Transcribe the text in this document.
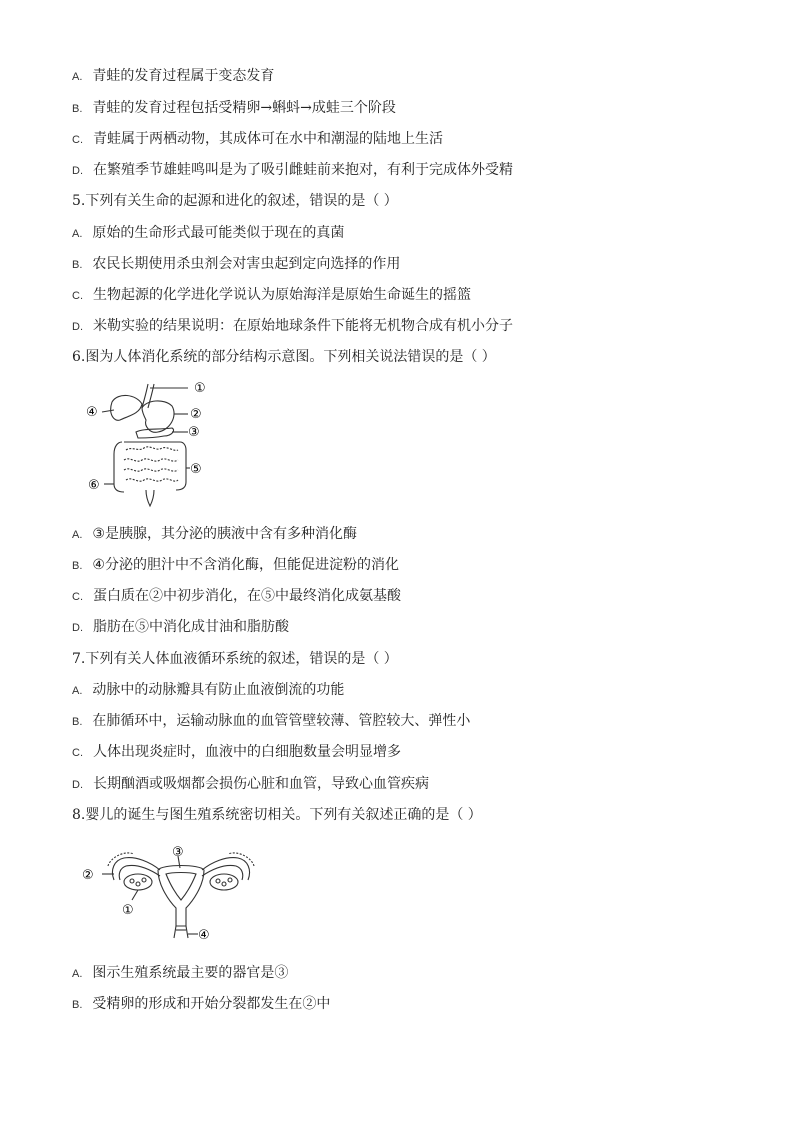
A. 青蛙的发育过程属于变态发育
B. 青蛙的发育过程包括受精卵→蝌蚪→成蛙三个阶段
C. 青蛙属于两栖动物，其成体可在水中和潮湿的陆地上生活
D. 在繁殖季节雄蛙鸣叫是为了吸引雌蛙前来抱对，有利于完成体外受精
5.下列有关生命的起源和进化的叙述，错误的是（ ）
A. 原始的生命形式最可能类似于现在的真菌
B. 农民长期使用杀虫剂会对害虫起到定向选择的作用
C. 生物起源的化学进化学说认为原始海洋是原始生命诞生的摇篮
D. 米勒实验的结果说明：在原始地球条件下能将无机物合成有机小分子
6.图为人体消化系统的部分结构示意图。下列相关说法错误的是（ ）
①
②
③
④
⑤
⑥
A. ③是胰腺，其分泌的胰液中含有多种消化酶
B. ④分泌的胆汁中不含消化酶，但能促进淀粉的消化
C. 蛋白质在②中初步消化，在⑤中最终消化成氨基酸
D. 脂肪在⑤中消化成甘油和脂肪酸
7.下列有关人体血液循环系统的叙述，错误的是（ ）
A. 动脉中的动脉瓣具有防止血液倒流的功能
B. 在肺循环中，运输动脉血的血管管壁较薄、管腔较大、弹性小
C. 人体出现炎症时，血液中的白细胞数量会明显增多
D. 长期酗酒或吸烟都会损伤心脏和血管，导致心血管疾病
8.婴儿的诞生与图生殖系统密切相关。下列有关叙述正确的是（ ）
②
③
①
④
A. 图示生殖系统最主要的器官是③
B. 受精卵的形成和开始分裂都发生在②中
